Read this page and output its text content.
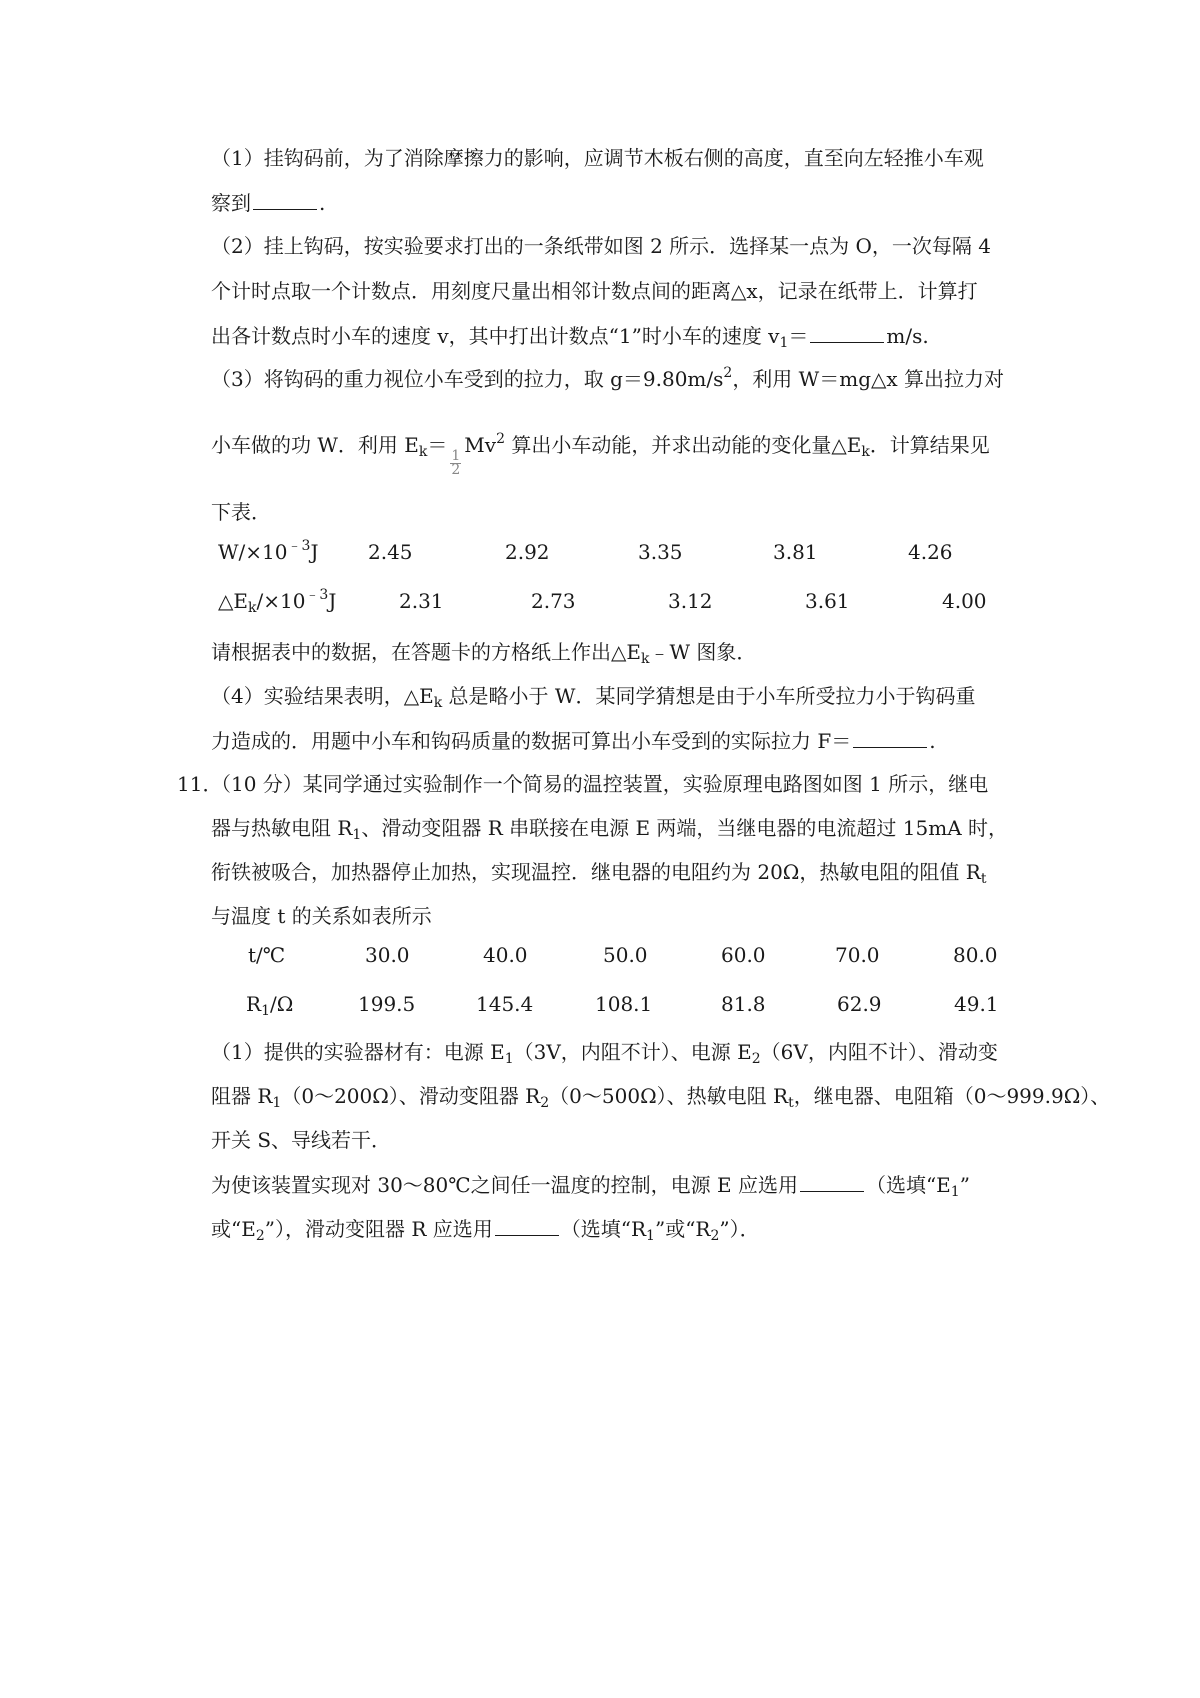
（1）挂钩码前，为了消除摩擦力的影响，应调节木板右侧的高度，直至向左轻推小车观
察到	.
（2）挂上钩码，按实验要求打出的一条纸带如图 2 所示．选择某一点为 O，一次每隔 4
个计时点取一个计数点．用刻度尺量出相邻计数点间的距离△x，记录在纸带上．计算打
出各计数点时小车的速度 v，其中打出计数点“1”时小车的速度 $v_1=$	m/s.
（3）将钩码的重力视位小车受到的拉力，取 $g=9.80m/s^2$，利用 W＝mg△x 算出拉力对
小车做的功 W．利用 $E_k=$
$\frac{1}{2}$
Mv$^2$ 算出小车动能，并求出动能的变化量$\triangle E_k$．计算结果见
下表．
$W/\times 10^{﹣3}J$ 2.45	2.92	3.35	3.81	4.26
$\triangle E_k/\times 10^{﹣3}J$	2.31	2.73	3.12	3.61	4.00
请根据表中的数据，在答题卡的方格纸上作出$\triangle E_k﹣W$ 图象．
（4）实验结果表明，$\triangle E_k$ 总是略小于 W．某同学猜想是由于小车所受拉力小于钩码重
力造成的．用题中小车和钩码质量的数据可算出小车受到的实际拉力 F＝	.
11．
（10 分）某同学通过实验制作一个简易的温控装置，实验原理电路图如图 1 所示，继电
器与热敏电阻 $R_1$、滑动变阻器 R 串联接在电源 E 两端，当继电器的电流超过 15mA 时，
衔铁被吸合，加热器停止加热，实现温控．继电器的电阻约为 20Ω，热敏电阻的阻值 $R_t$
与温度 t 的关系如表所示
t/℃	30.0	40.0	50.0	60.0	70.0	80.0
$R_1/\Omega$	199.5	145.4	108.1	81.8	62.9	49.1
（1）提供的实验器材有：电源 $E_1(3V$，内阻不计）、电源 $E_2(6V$，内阻不计）、滑动变
阻器 $R_1(0\sim 200\Omega)$、滑动变阻器 $R_2(0\sim 500\Omega)$、热敏电阻 $R_t$，继电器、电阻箱（0～999.9Ω）、
开关 S、导线若干．
为使该装置实现对 30～80℃之间任一温度的控制，电源 E 应选用	（选填“$E_1$”
或“$E_2$”），滑动变阻器 R 应选用	（选填“$R_1$”或“$R_2$”）．
